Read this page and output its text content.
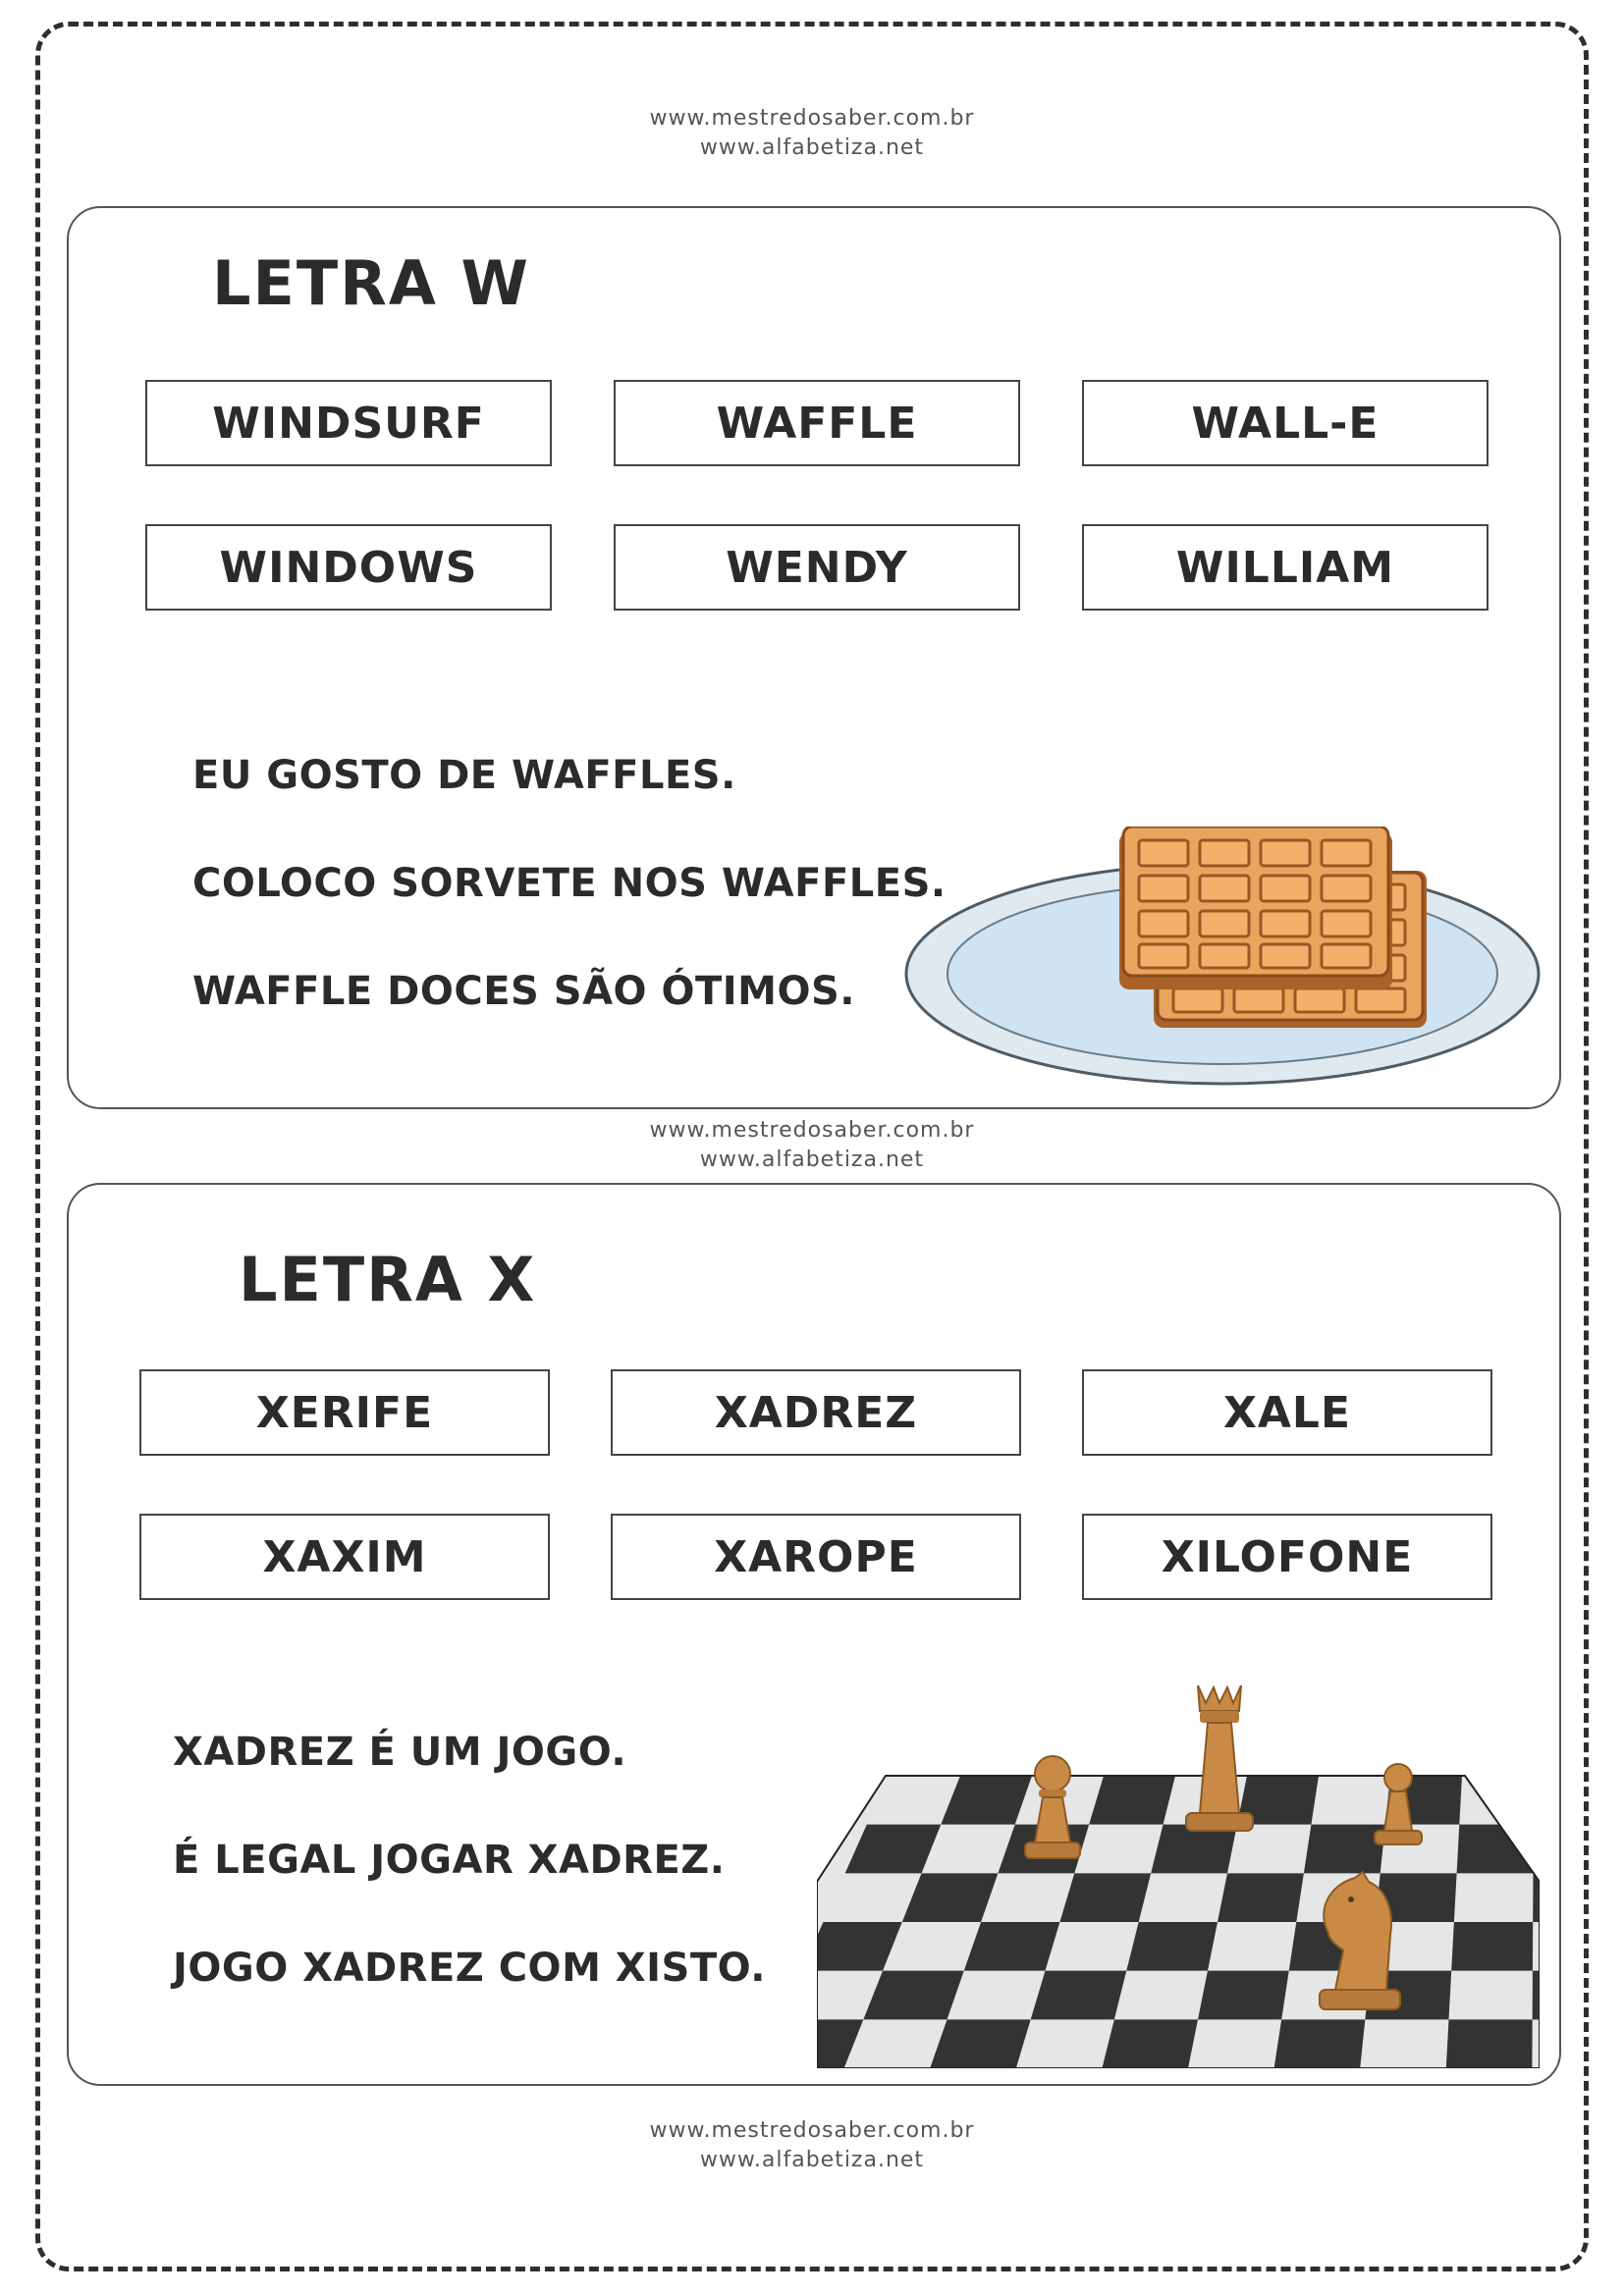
www.mestredosaber.com.br
www.alfabetiza.net
LETRA W
WINDSURF	WAFFLE	WALL-E
WINDOWS	WENDY	WILLIAM
EU GOSTO DE WAFFLES.
COLOCO SORVETE NOS WAFFLES.
WAFFLE DOCES SÃO ÓTIMOS.
www.mestredosaber.com.br
www.alfabetiza.net
LETRA X
XERIFE	XADREZ	XALE
XAXIM	XAROPE	XILOFONE
XADREZ É UM JOGO.
É LEGAL JOGAR XADREZ.
JOGO XADREZ COM XISTO.
www.mestredosaber.com.br
www.alfabetiza.net
